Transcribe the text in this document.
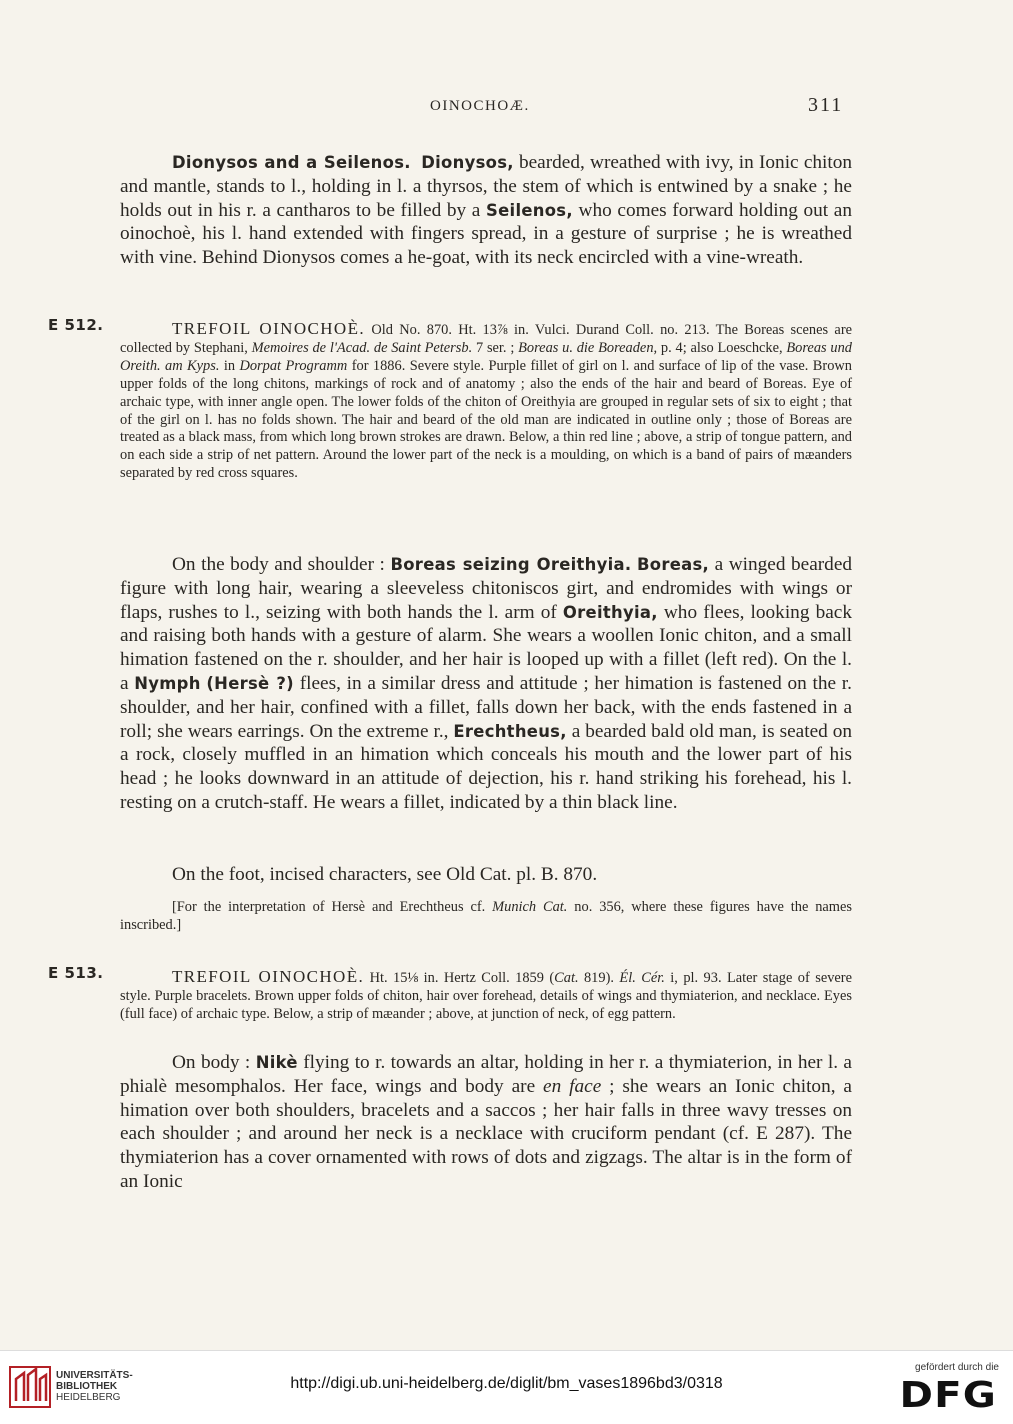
OINOCHOÆ.	311
Dionysos and a Seilenos. Dionysos, bearded, wreathed with ivy, in Ionic chiton and mantle, stands to l., holding in l. a thyrsos, the stem of which is entwined by a snake ; he holds out in his r. a cantharos to be filled by a Seilenos, who comes forward holding out an oinochoè, his l. hand extended with fingers spread, in a gesture of surprise ; he is wreathed with vine. Behind Dionysos comes a he-goat, with its neck encircled with a vine-wreath.
E 512.	TREFOIL OINOCHOÈ. Old No. 870. Ht. 13⅞ in. Vulci. Durand Coll. no. 213. The Boreas scenes are collected by Stephani, Memoires de l'Acad. de Saint Petersb. 7 ser. ; Boreas u. die Boreaden, p. 4; also Loeschcke, Boreas und Oreith. am Kyps. in Dorpat Programm for 1886. Severe style. Purple fillet of girl on l. and surface of lip of the vase. Brown upper folds of the long chitons, markings of rock and of anatomy ; also the ends of the hair and beard of Boreas. Eye of archaic type, with inner angle open. The lower folds of the chiton of Oreithyia are grouped in regular sets of six to eight ; that of the girl on l. has no folds shown. The hair and beard of the old man are indicated in outline only ; those of Boreas are treated as a black mass, from which long brown strokes are drawn. Below, a thin red line ; above, a strip of tongue pattern, and on each side a strip of net pattern. Around the lower part of the neck is a moulding, on which is a band of pairs of mæanders separated by red cross squares.
On the body and shoulder : Boreas seizing Oreithyia. Boreas, a winged bearded figure with long hair, wearing a sleeveless chitoniscos girt, and endromides with wings or flaps, rushes to l., seizing with both hands the l. arm of Oreithyia, who flees, looking back and raising both hands with a gesture of alarm. She wears a woollen Ionic chiton, and a small himation fastened on the r. shoulder, and her hair is looped up with a fillet (left red). On the l. a Nymph (Hersè ?) flees, in a similar dress and attitude ; her himation is fastened on the r. shoulder, and her hair, confined with a fillet, falls down her back, with the ends fastened in a roll; she wears earrings. On the extreme r., Erechtheus, a bearded bald old man, is seated on a rock, closely muffled in an himation which conceals his mouth and the lower part of his head ; he looks downward in an attitude of dejection, his r. hand striking his forehead, his l. resting on a crutch-staff. He wears a fillet, indicated by a thin black line.
On the foot, incised characters, see Old Cat. pl. B. 870.
[For the interpretation of Hersè and Erechtheus cf. Munich Cat. no. 356, where these figures have the names inscribed.]
E 513.	TREFOIL OINOCHOÈ. Ht. 15⅛ in. Hertz Coll. 1859 (Cat. 819). Él. Cér. i, pl. 93. Later stage of severe style. Purple bracelets. Brown upper folds of chiton, hair over forehead, details of wings and thymiaterion, and necklace. Eyes (full face) of archaic type. Below, a strip of mæander ; above, at junction of neck, of egg pattern.
On body : Nikè flying to r. towards an altar, holding in her r. a thymiaterion, in her l. a phialè mesomphalos. Her face, wings and body are en face ; she wears an Ionic chiton, a himation over both shoulders, bracelets and a saccos ; her hair falls in three wavy tresses on each shoulder ; and around her neck is a necklace with cruciform pendant (cf. E 287). The thymiaterion has a cover ornamented with rows of dots and zigzags. The altar is in the form of an Ionic
UNIVERSITÄTS-
BIBLIOTHEK
HEIDELBERG
http://digi.ub.uni-heidelberg.de/diglit/bm_vases1896bd3/0318
gefördert durch die
DFG
